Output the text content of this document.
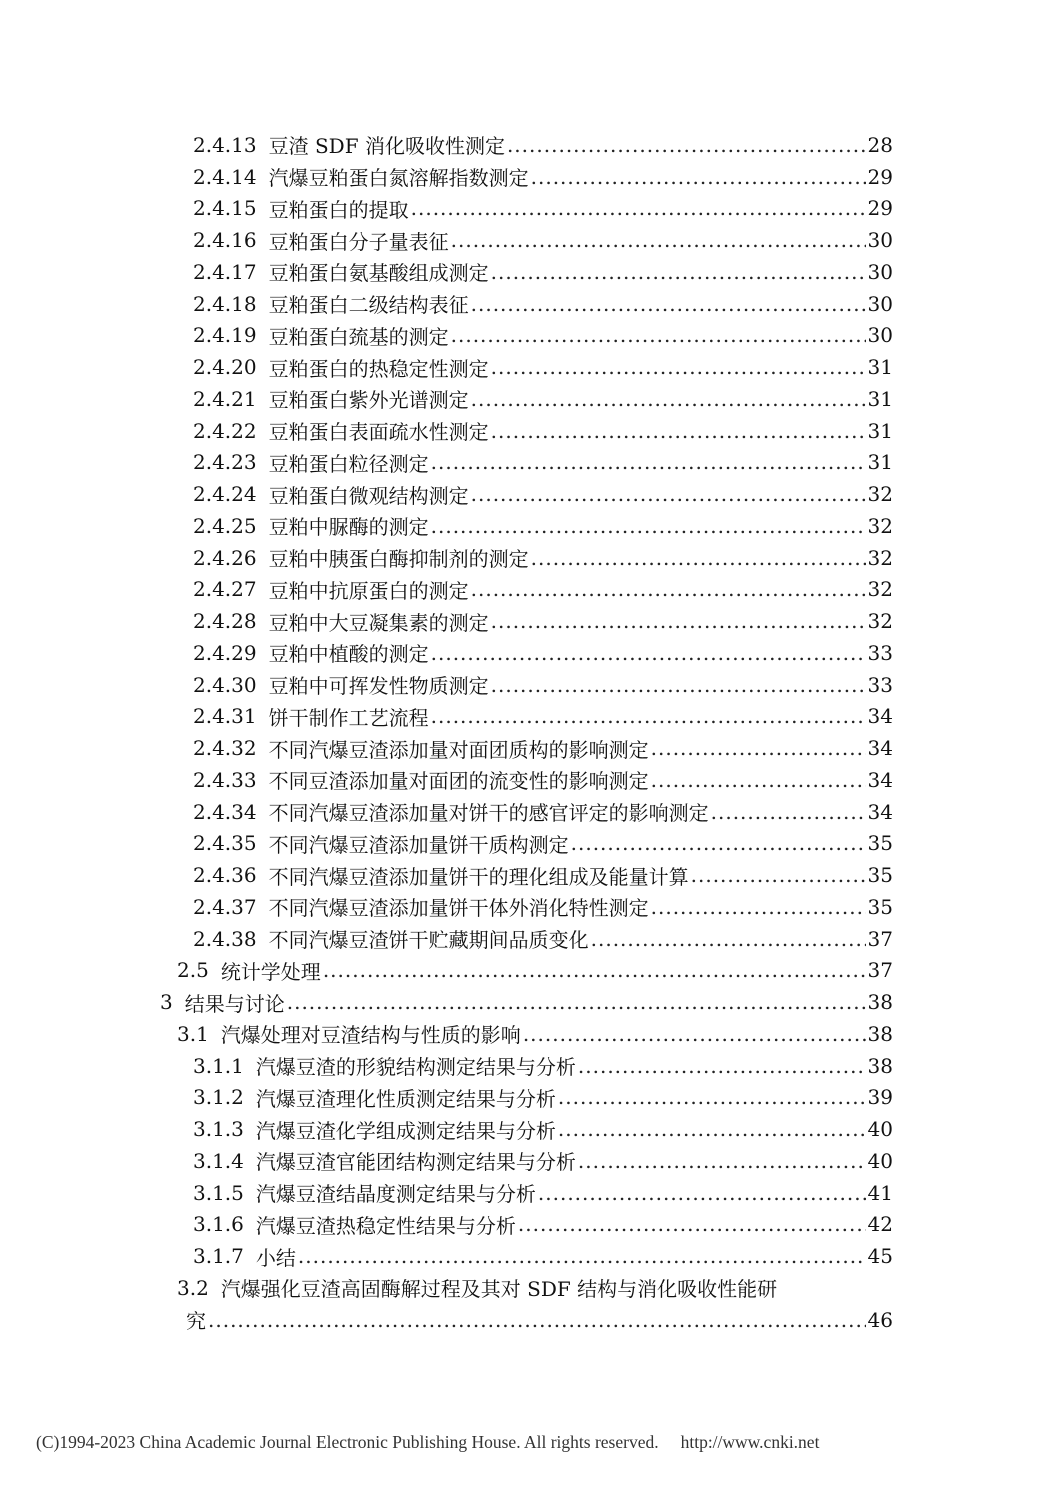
2.4.13 豆渣 SDF 消化吸收性测定 .....	28
2.4.14 汽爆豆粕蛋白氮溶解指数测定 .....	29
2.4.15 豆粕蛋白的提取 .....	29
2.4.16 豆粕蛋白分子量表征 .....	30
2.4.17 豆粕蛋白氨基酸组成测定 .....	30
2.4.18 豆粕蛋白二级结构表征 .....	30
2.4.19 豆粕蛋白巯基的测定 .....	30
2.4.20 豆粕蛋白的热稳定性测定 .....	31
2.4.21 豆粕蛋白紫外光谱测定 .....	31
2.4.22 豆粕蛋白表面疏水性测定 .....	31
2.4.23 豆粕蛋白粒径测定 .....	31
2.4.24 豆粕蛋白微观结构测定 .....	32
2.4.25 豆粕中脲酶的测定 .....	32
2.4.26 豆粕中胰蛋白酶抑制剂的测定 .....	32
2.4.27 豆粕中抗原蛋白的测定 .....	32
2.4.28 豆粕中大豆凝集素的测定 .....	32
2.4.29 豆粕中植酸的测定 .....	33
2.4.30 豆粕中可挥发性物质测定 .....	33
2.4.31 饼干制作工艺流程 .....	34
2.4.32 不同汽爆豆渣添加量对面团质构的影响测定 .....	34
2.4.33 不同豆渣添加量对面团的流变性的影响测定 .....	34
2.4.34 不同汽爆豆渣添加量对饼干的感官评定的影响测定 .....	34
2.4.35 不同汽爆豆渣添加量饼干质构测定 .....	35
2.4.36 不同汽爆豆渣添加量饼干的理化组成及能量计算 .....	35
2.4.37 不同汽爆豆渣添加量饼干体外消化特性测定 .....	35
2.4.38 不同汽爆豆渣饼干贮藏期间品质变化 .....	37
2.5 统计学处理 .....	37
3 结果与讨论 .....	38
3.1 汽爆处理对豆渣结构与性质的影响 .....	38
3.1.1 汽爆豆渣的形貌结构测定结果与分析 .....	38
3.1.2 汽爆豆渣理化性质测定结果与分析 .....	39
3.1.3 汽爆豆渣化学组成测定结果与分析 .....	40
3.1.4 汽爆豆渣官能团结构测定结果与分析 .....	40
3.1.5 汽爆豆渣结晶度测定结果与分析 .....	41
3.1.6 汽爆豆渣热稳定性结果与分析 .....	42
3.1.7 小结 .....	45
3.2 汽爆强化豆渣高固酶解过程及其对 SDF 结构与消化吸收性能研
究 .....	46
(C)1994-2023 China Academic Journal Electronic Publishing House. All rights reserved. http://www.cnki.net
